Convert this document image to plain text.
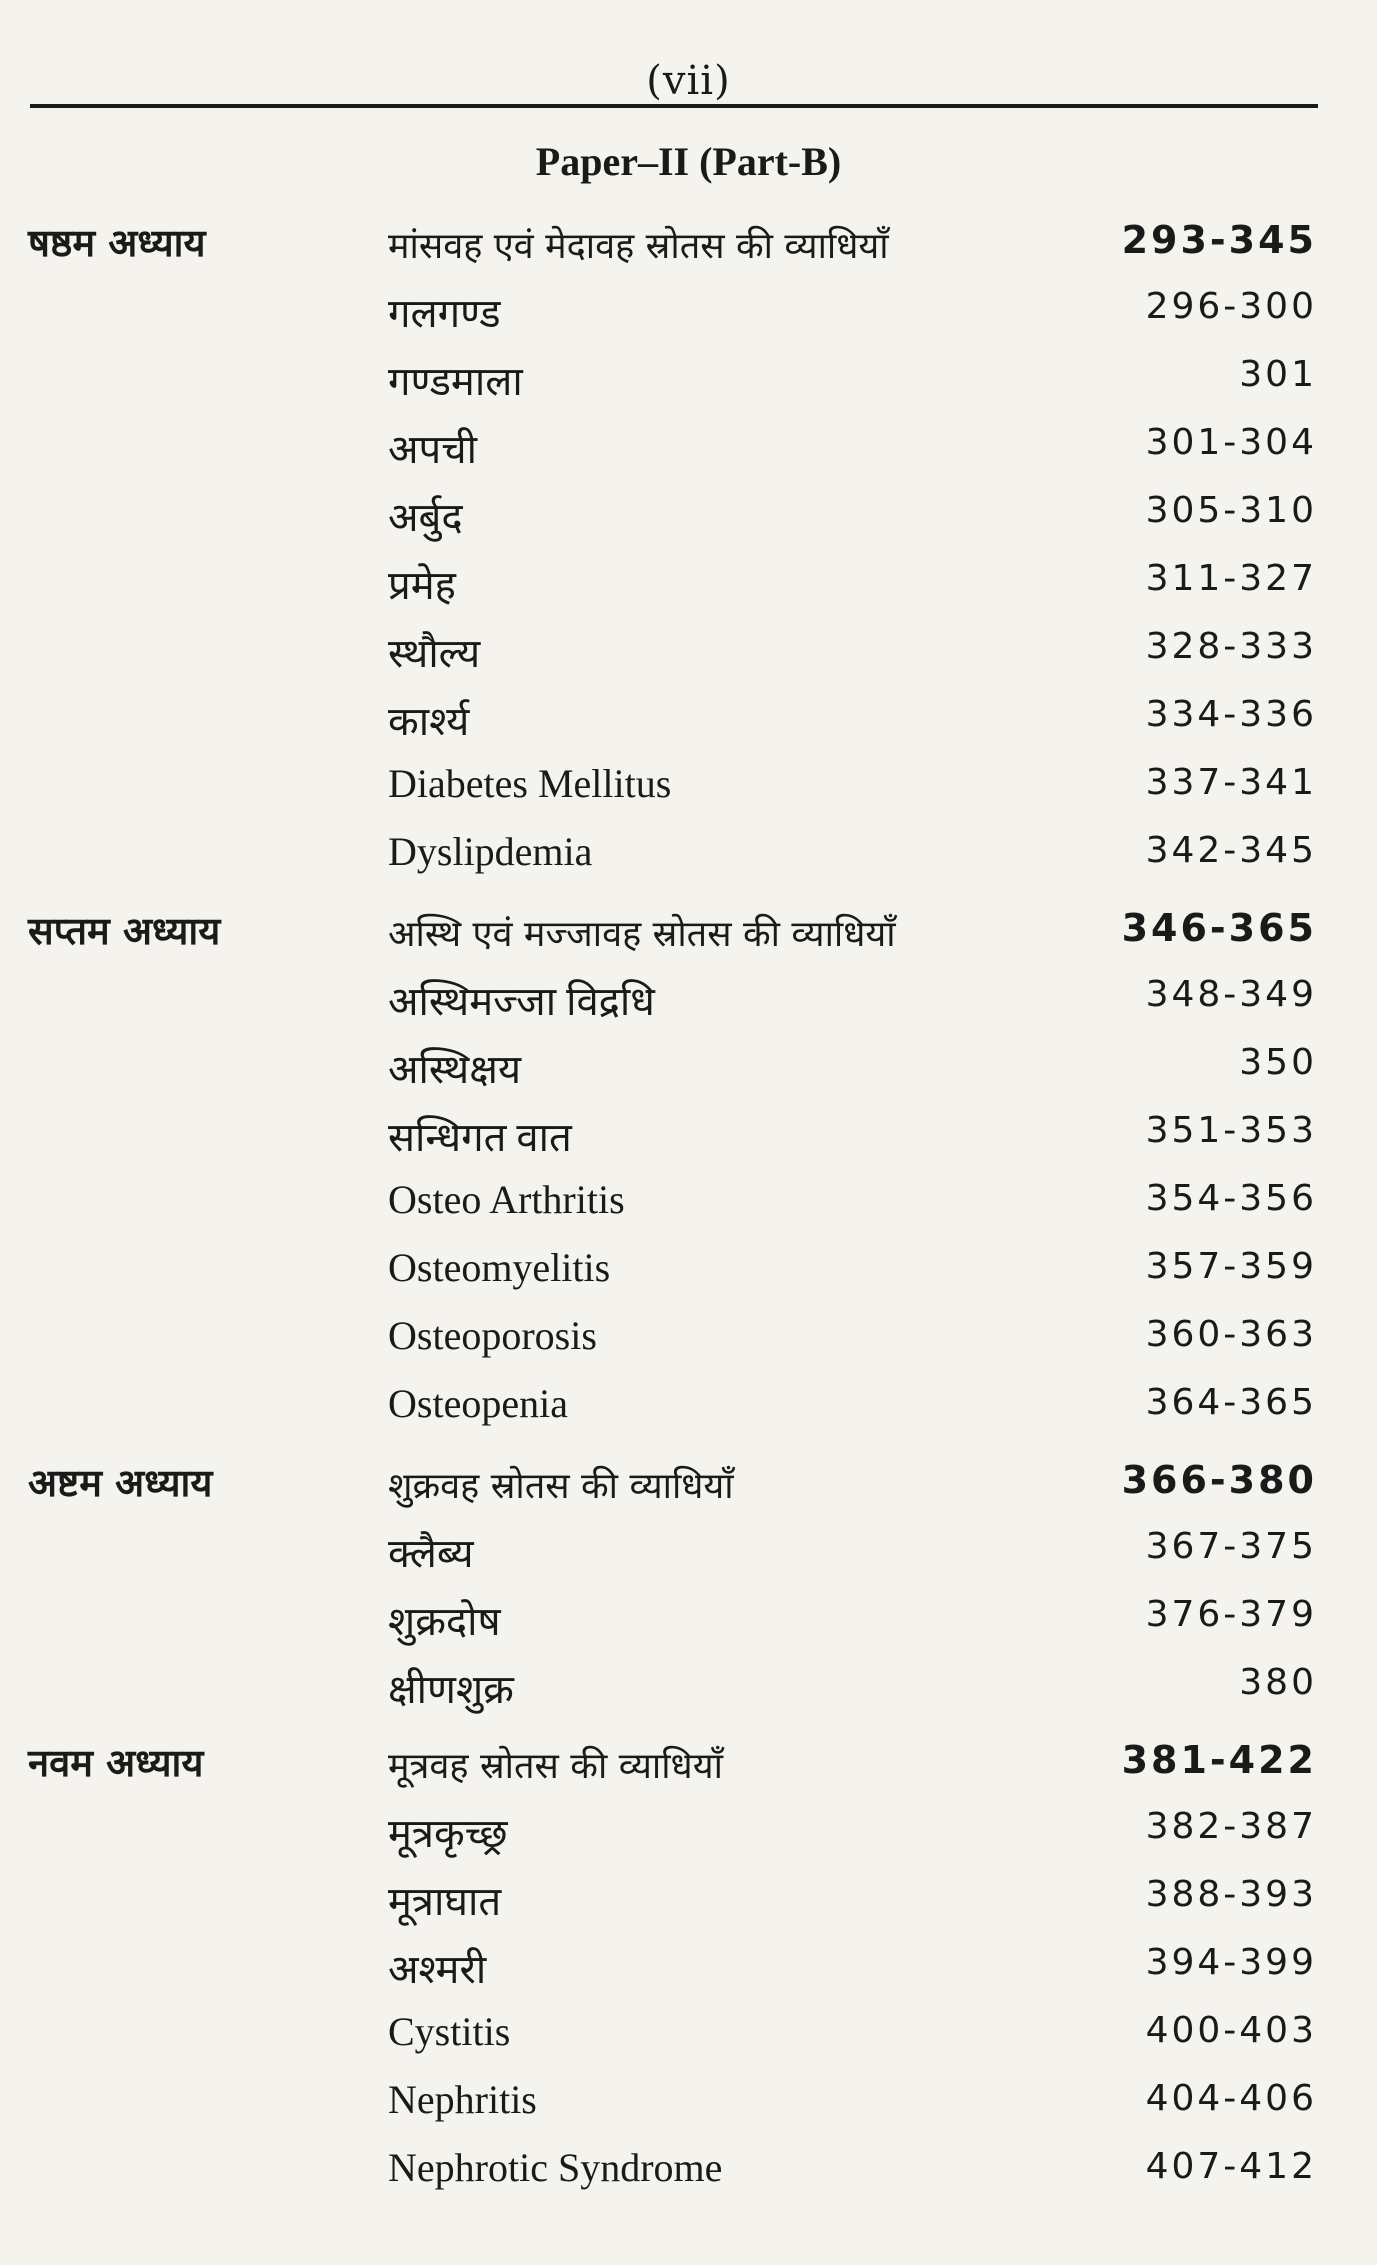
(vii)
Paper–II (Part-B)
षष्ठम अध्याय	मांसवह एवं मेदावह स्रोतस की व्याधियाँ	293-345
गलगण्ड	296-300
गण्डमाला	301
अपची	301-304
अर्बुद	305-310
प्रमेह	311-327
स्थौल्य	328-333
कार्श्य	334-336
Diabetes Mellitus	337-341
Dyslipdemia	342-345
सप्तम अध्याय	अस्थि एवं मज्जावह स्रोतस की व्याधियाँ	346-365
अस्थिमज्जा विद्रधि	348-349
अस्थिक्षय	350
सन्धिगत वात	351-353
Osteo Arthritis	354-356
Osteomyelitis	357-359
Osteoporosis	360-363
Osteopenia	364-365
अष्टम अध्याय	शुक्रवह स्रोतस की व्याधियाँ	366-380
क्लैब्य	367-375
शुक्रदोष	376-379
क्षीणशुक्र	380
नवम अध्याय	मूत्रवह स्रोतस की व्याधियाँ	381-422
मूत्रकृच्छ्र	382-387
मूत्राघात	388-393
अश्मरी	394-399
Cystitis	400-403
Nephritis	404-406
Nephrotic Syndrome	407-412
